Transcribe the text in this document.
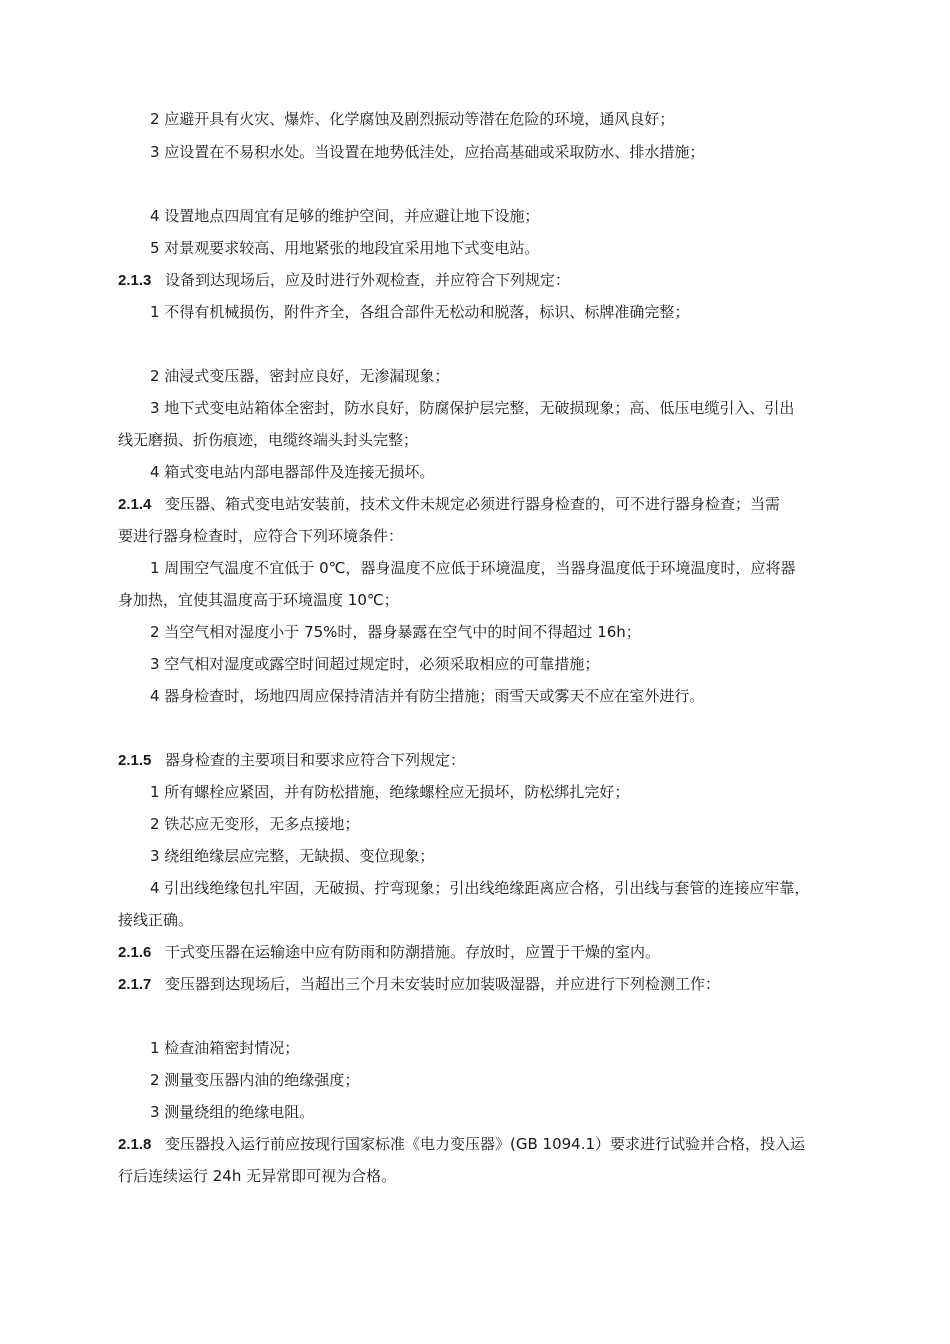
2 应避开具有火灾、爆炸、化学腐蚀及剧烈振动等潜在危险的环境，通风良好；
3 应设置在不易积水处。当设置在地势低洼处，应抬高基础或采取防水、排水措施；
4 设置地点四周宜有足够的维护空间，并应避让地下设施；
5 对景观要求较高、用地紧张的地段宜采用地下式变电站。
2.1.3 设备到达现场后，应及时进行外观检查，并应符合下列规定：
1 不得有机械损伤，附件齐全，各组合部件无松动和脱落，标识、标牌准确完整；
2 油浸式变压器，密封应良好，无渗漏现象；
3 地下式变电站箱体全密封，防水良好，防腐保护层完整，无破损现象；高、低压电缆引入、引出
线无磨损、折伤痕迹，电缆终端头封头完整；
4 箱式变电站内部电器部件及连接无损坏。
2.1.4 变压器、箱式变电站安装前，技术文件未规定必须进行器身检查的，可不进行器身检查；当需
要进行器身检查时，应符合下列环境条件：
1 周围空气温度不宜低于 0℃，器身温度不应低于环境温度，当器身温度低于环境温度时，应将器
身加热，宜使其温度高于环境温度 10℃；
2 当空气相对湿度小于 75%时，器身暴露在空气中的时间不得超过 16h；
3 空气相对湿度或露空时间超过规定时，必须采取相应的可靠措施；
4 器身检查时，场地四周应保持清洁并有防尘措施；雨雪天或雾天不应在室外进行。
2.1.5 器身检查的主要项目和要求应符合下列规定：
1 所有螺栓应紧固，并有防松措施，绝缘螺栓应无损坏，防松绑扎完好；
2 铁芯应无变形，无多点接地；
3 绕组绝缘层应完整，无缺损、变位现象；
4 引出线绝缘包扎牢固，无破损、拧弯现象；引出线绝缘距离应合格，引出线与套管的连接应牢靠，
接线正确。
2.1.6 干式变压器在运输途中应有防雨和防潮措施。存放时，应置于干燥的室内。
2.1.7 变压器到达现场后，当超出三个月未安装时应加装吸湿器，并应进行下列检测工作：
1 检查油箱密封情况；
2 测量变压器内油的绝缘强度；
3 测量绕组的绝缘电阻。
2.1.8 变压器投入运行前应按现行国家标准《电力变压器》(GB 1094.1）要求进行试验并合格，投入运
行后连续运行 24h 无异常即可视为合格。
